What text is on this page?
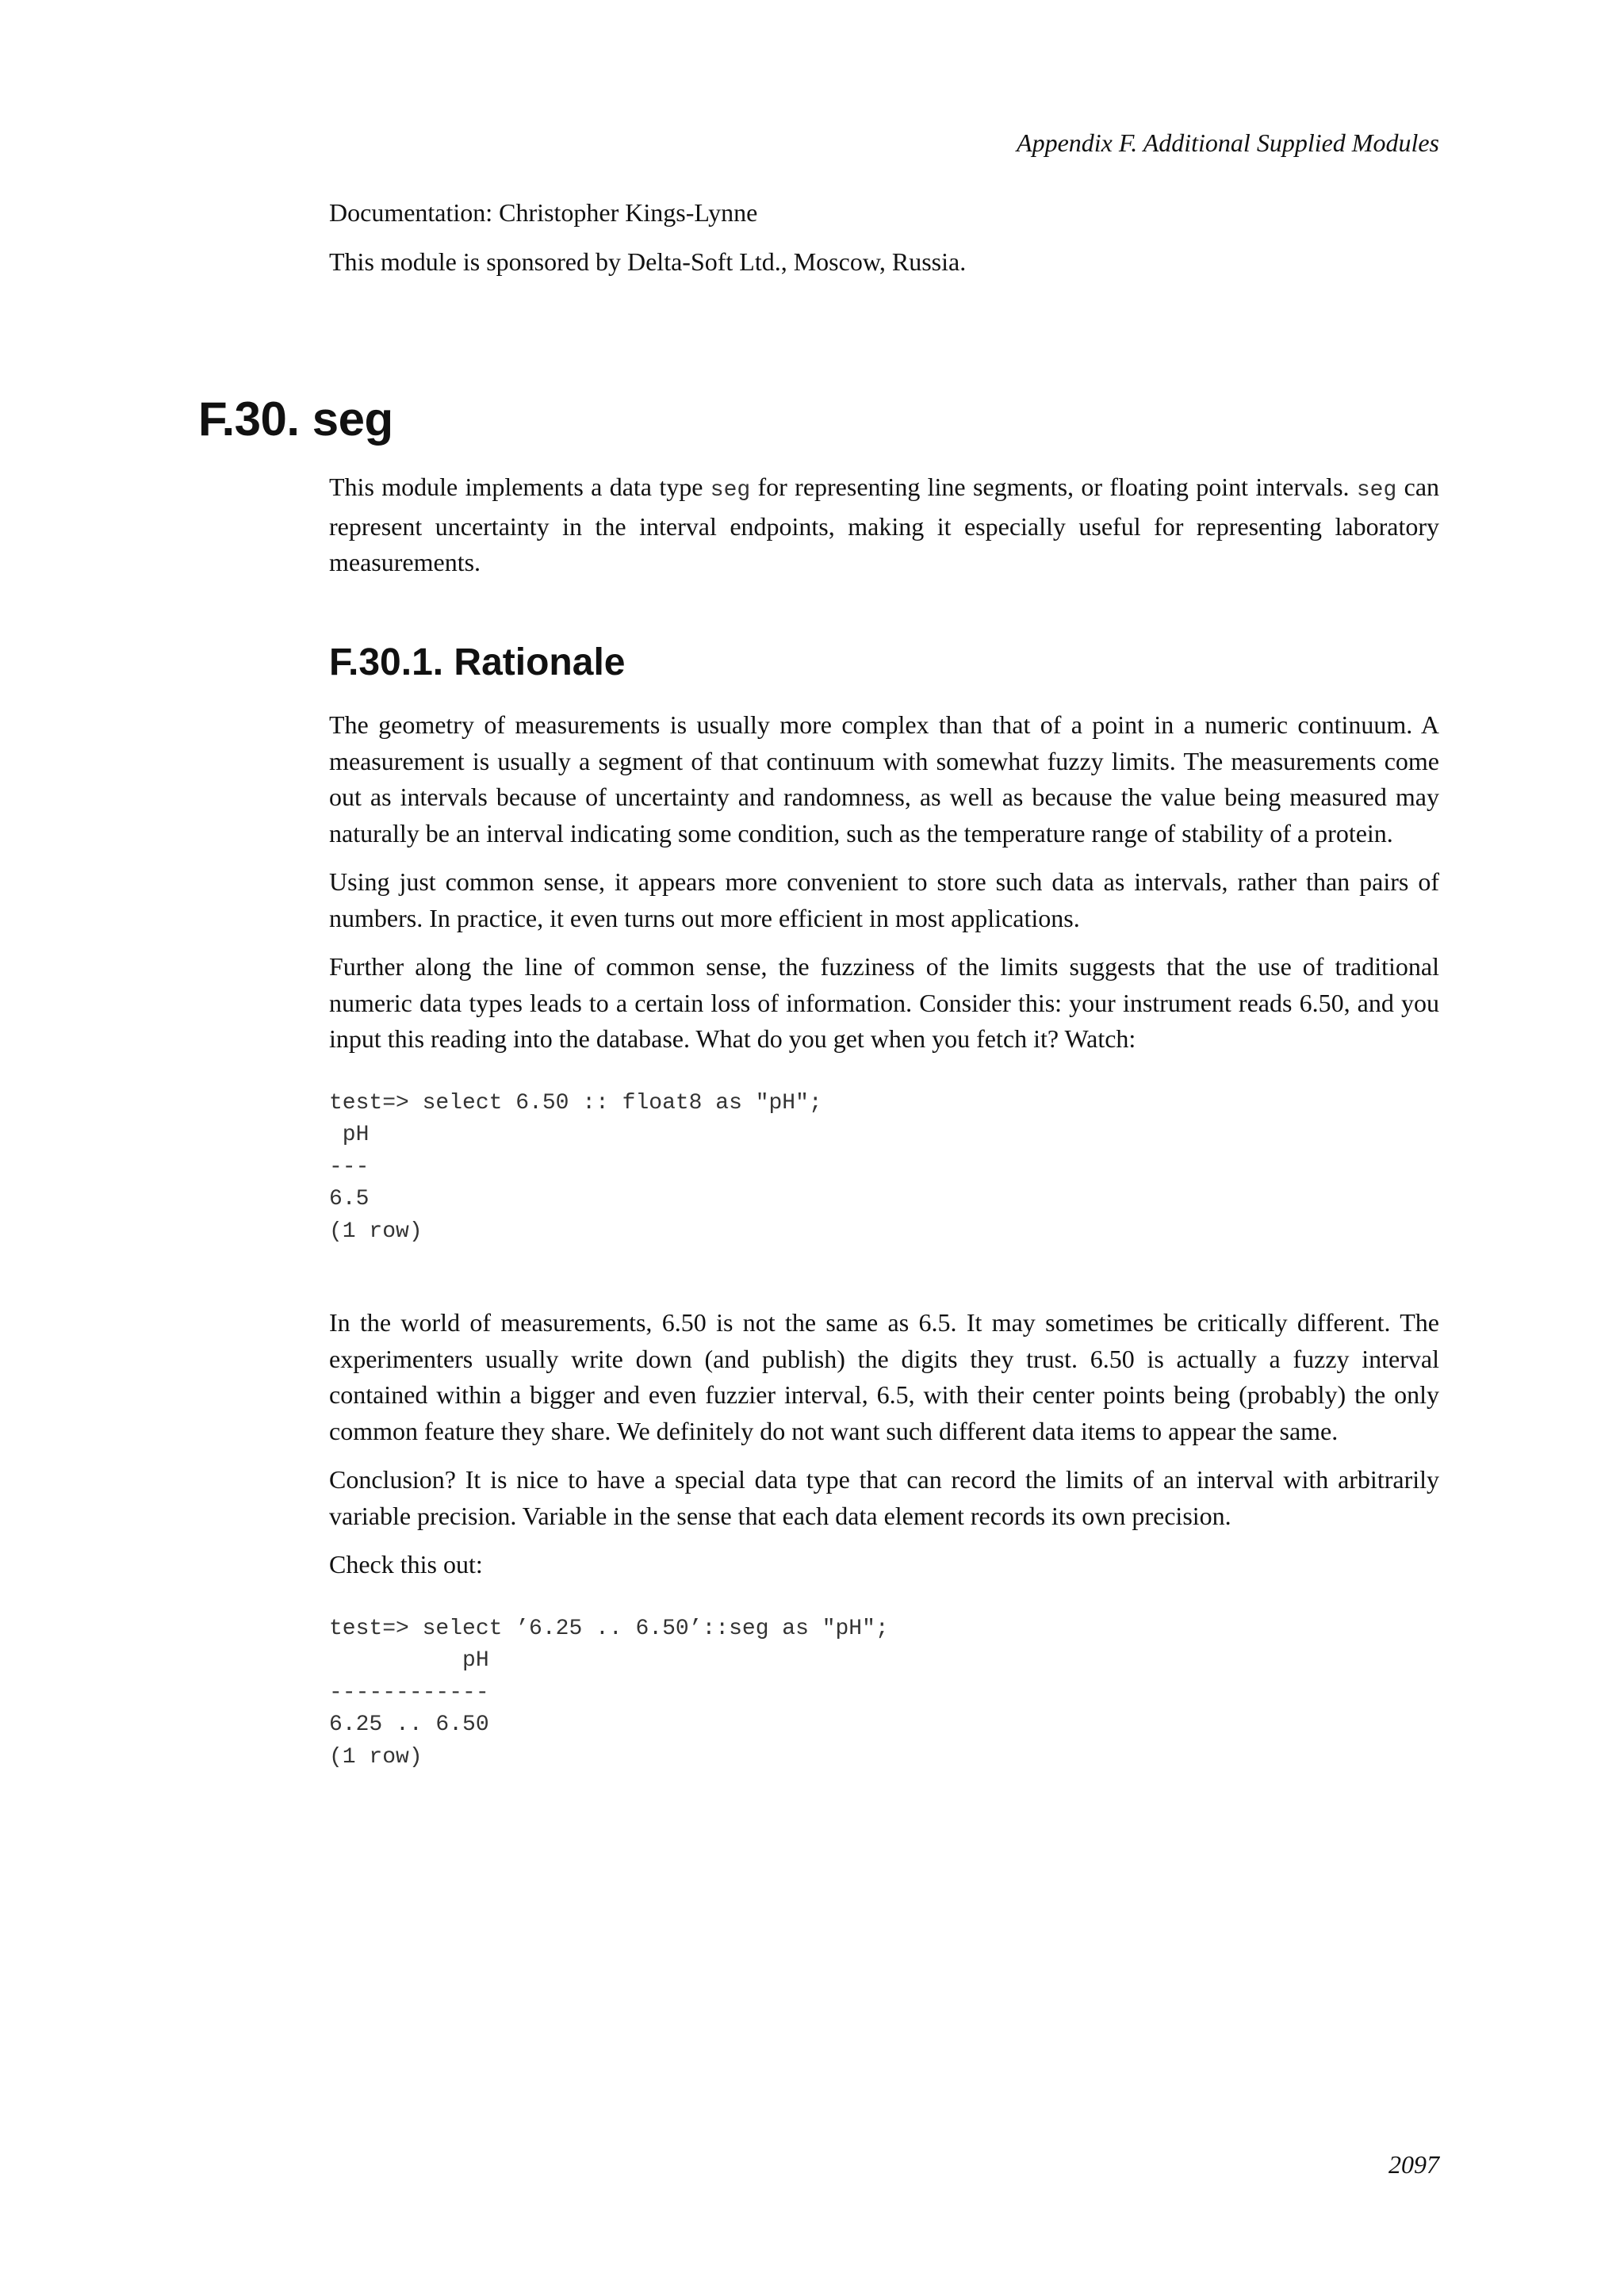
Appendix F. Additional Supplied Modules

Documentation: Christopher Kings-Lynne

This module is sponsored by Delta-Soft Ltd., Moscow, Russia.

F.30. seg

This module implements a data type seg for representing line segments, or floating point intervals. seg can represent uncertainty in the interval endpoints, making it especially useful for representing laboratory measurements.

F.30.1. Rationale

The geometry of measurements is usually more complex than that of a point in a numeric continuum. A measurement is usually a segment of that continuum with somewhat fuzzy limits. The measurements come out as intervals because of uncertainty and randomness, as well as because the value being measured may naturally be an interval indicating some condition, such as the temperature range of stability of a protein.

Using just common sense, it appears more convenient to store such data as intervals, rather than pairs of numbers. In practice, it even turns out more efficient in most applications.

Further along the line of common sense, the fuzziness of the limits suggests that the use of traditional numeric data types leads to a certain loss of information. Consider this: your instrument reads 6.50, and you input this reading into the database. What do you get when you fetch it? Watch:

test=> select 6.50 :: float8 as "pH";
pH
---
6.5
(1 row)

In the world of measurements, 6.50 is not the same as 6.5. It may sometimes be critically different. The experimenters usually write down (and publish) the digits they trust. 6.50 is actually a fuzzy interval contained within a bigger and even fuzzier interval, 6.5, with their center points being (probably) the only common feature they share. We definitely do not want such different data items to appear the same.

Conclusion? It is nice to have a special data type that can record the limits of an interval with arbitrarily variable precision. Variable in the sense that each data element records its own precision.

Check this out:

test=> select ’6.25 .. 6.50’::seg as "pH";
pH
------------
6.25 .. 6.50
(1 row)
2097
